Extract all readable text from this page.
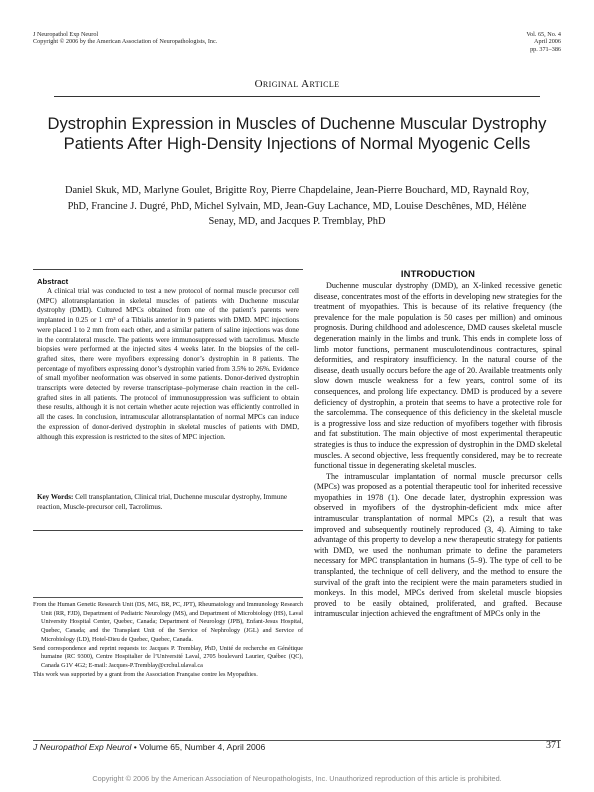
J Neuropathol Exp Neurol
Copyright © 2006 by the American Association of Neuropathologists, Inc.
Vol. 65, No. 4
April 2006
pp. 371–386
Original Article
Dystrophin Expression in Muscles of Duchenne Muscular Dystrophy Patients After High-Density Injections of Normal Myogenic Cells
Daniel Skuk, MD, Marlyne Goulet, Brigitte Roy, Pierre Chapdelaine, Jean-Pierre Bouchard, MD, Raynald Roy, PhD, Francine J. Dugré, PhD, Michel Sylvain, MD, Jean-Guy Lachance, MD, Louise Deschênes, MD, Hélène Senay, MD, and Jacques P. Tremblay, PhD
Abstract

A clinical trial was conducted to test a new protocol of normal muscle precursor cell (MPC) allotransplantation in skeletal muscles of patients with Duchenne muscular dystrophy (DMD). Cultured MPCs obtained from one of the patient’s parents were implanted in 0.25 or 1 cm³ of a Tibialis anterior in 9 patients with DMD. MPC injections were placed 1 to 2 mm from each other, and a similar pattern of saline injections was done in the contralateral muscle. The patients were immunosuppressed with tacrolimus. Muscle biopsies were performed at the injected sites 4 weeks later. In the biopsies of the cell-grafted sites, there were myofibers expressing donor’s dystrophin in 8 patients. The percentage of myofibers expressing donor’s dystrophin varied from 3.5% to 26%. Evidence of small myofiber neoformation was observed in some patients. Donor-derived dystrophin transcripts were detected by reverse transcriptase–polymerase chain reaction in the cell-grafted sites in all patients. The protocol of immunosuppression was sufficient to obtain these results, although it is not certain whether acute rejection was efficiently controlled in all the cases. In conclusion, intramuscular allotransplantation of normal MPCs can induce the expression of donor-derived dystrophin in skeletal muscles of patients with DMD, although this expression is restricted to the sites of MPC injection.

Key Words: Cell transplantation, Clinical trial, Duchenne muscular dystrophy, Immune reaction, Muscle-precursor cell, Tacrolimus.

From the Human Genetic Research Unit (DS, MG, BR, PC, JPT), Rheumatology and Immunology Research Unit (RR, FJD), Department of Pediatric Neurology (MS), and Department of Microbiology (HS), Laval University Hospital Center, Quebec, Canada; Department of Neurology (JPB), Enfant-Jesus Hospital, Quebec, Canada; and the Transplant Unit of the Service of Nephrology (JGL) and Service of Microbiology (LD), Hotel-Dieu de Quebec, Quebec, Canada.

Send correspondence and reprint requests to: Jacques P. Tremblay, PhD, Unité de recherche en Génétique humaine (RC 9300), Centre Hospitalier de l’Université Laval, 2705 boulevard Laurier, Québec (QC), Canada G1V 4G2; E-mail: Jacques-P.Tremblay@crchul.ulaval.ca

This work was supported by a grant from the Association Française contre les Myopathies.

INTRODUCTION

Duchenne muscular dystrophy (DMD), an X-linked recessive genetic disease, concentrates most of the efforts in developing new strategies for the treatment of myopathies. This is because of its relative frequency (the prevalence for the male population is 50 cases per million) and ominous prognosis. During childhood and adolescence, DMD causes skeletal muscle degeneration mainly in the limbs and trunk. This ends in complete loss of limb motor functions, permanent musculotendinous contractures, spinal deformities, and respiratory insufficiency. In the natural course of the disease, death usually occurs before the age of 20. Available treatments only slow down muscle weakness for a few years, control some of its consequences, and prolong life expectancy. DMD is produced by a severe deficiency of dystrophin, a protein that seems to have a protective role for the sarcolemma. The consequence of this deficiency in the skeletal muscle is a progressive loss and size reduction of myofibers together with fibrosis and fat substitution. The main objective of most experimental therapeutic strategies is thus to induce the expression of dystrophin in the DMD skeletal muscles. A second objective, less frequently considered, may be to recreate functional tissue in degenerating skeletal muscles.

The intramuscular implantation of normal muscle precursor cells (MPCs) was proposed as a potential therapeutic tool for inherited recessive myopathies in 1978 (1). One decade later, dystrophin expression was observed in myofibers of the dystrophin-deficient mdx mice after intramuscular transplantation of normal MPCs (2), a result that was improved and subsequently routinely reproduced (3, 4). Aiming to take advantage of this property to develop a new therapeutic strategy for patients with DMD, we used the nonhuman primate to define the parameters necessary for MPC transplantation in humans (5–9). The type of cell to be transplanted, the technique of cell delivery, and the method to ensure the survival of the graft into the recipient were the main parameters studied in monkeys. In this model, MPCs derived from skeletal muscle biopsies proved to be easily obtained, proliferated, and grafted. Because intramuscular injection achieved the engraftment of MPCs only in the

J Neuropathol Exp Neurol • Volume 65, Number 4, April 2006	371
Copyright © 2006 by the American Association of Neuropathologists, Inc. Unauthorized reproduction of this article is prohibited.
